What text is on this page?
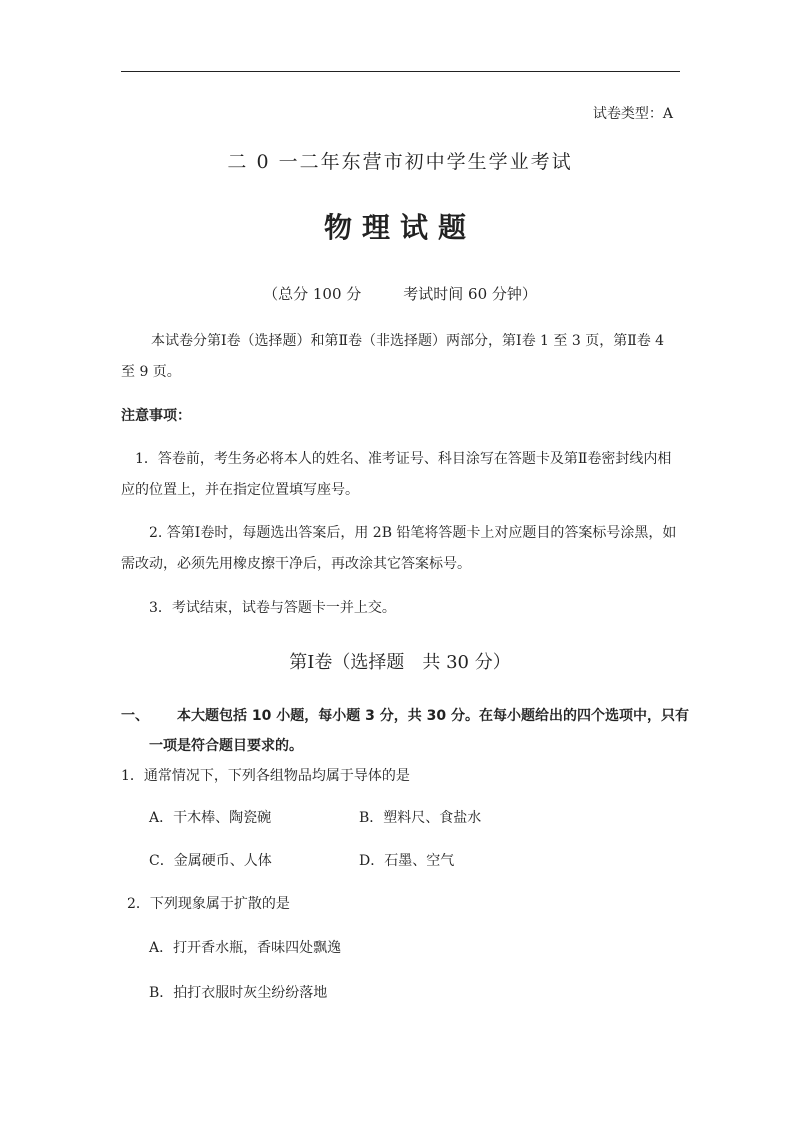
试卷类型：A
二 0 一二年东营市初中学生学业考试
物理试题
（总分 100 分	考试时间 60 分钟）
本试卷分第Ⅰ卷（选择题）和第Ⅱ卷（非选择题）两部分，第Ⅰ卷 1 至 3 页，第Ⅱ卷 4 至 9 页。
注意事项：
1．答卷前，考生务必将本人的姓名、准考证号、科目涂写在答题卡及第Ⅱ卷密封线内相应的位置上，并在指定位置填写座号。
2. 答第Ⅰ卷时，每题选出答案后，用 2B 铅笔将答题卡上对应题目的答案标号涂黑，如需改动，必须先用橡皮擦干净后，再改涂其它答案标号。
3．考试结束，试卷与答题卡一并上交。
第Ⅰ卷（选择题　共 30 分）
一、 本大题包括 10 小题，每小题 3 分，共 30 分。在每小题给出的四个选项中，只有
一项是符合题目要求的。
1．通常情况下，下列各组物品均属于导体的是
A．干木棒、陶瓷碗	B．塑料尺、食盐水
C．金属硬币、人体	D．石墨、空气
2．下列现象属于扩散的是
A．打开香水瓶，香味四处飘逸
B．拍打衣服时灰尘纷纷落地
